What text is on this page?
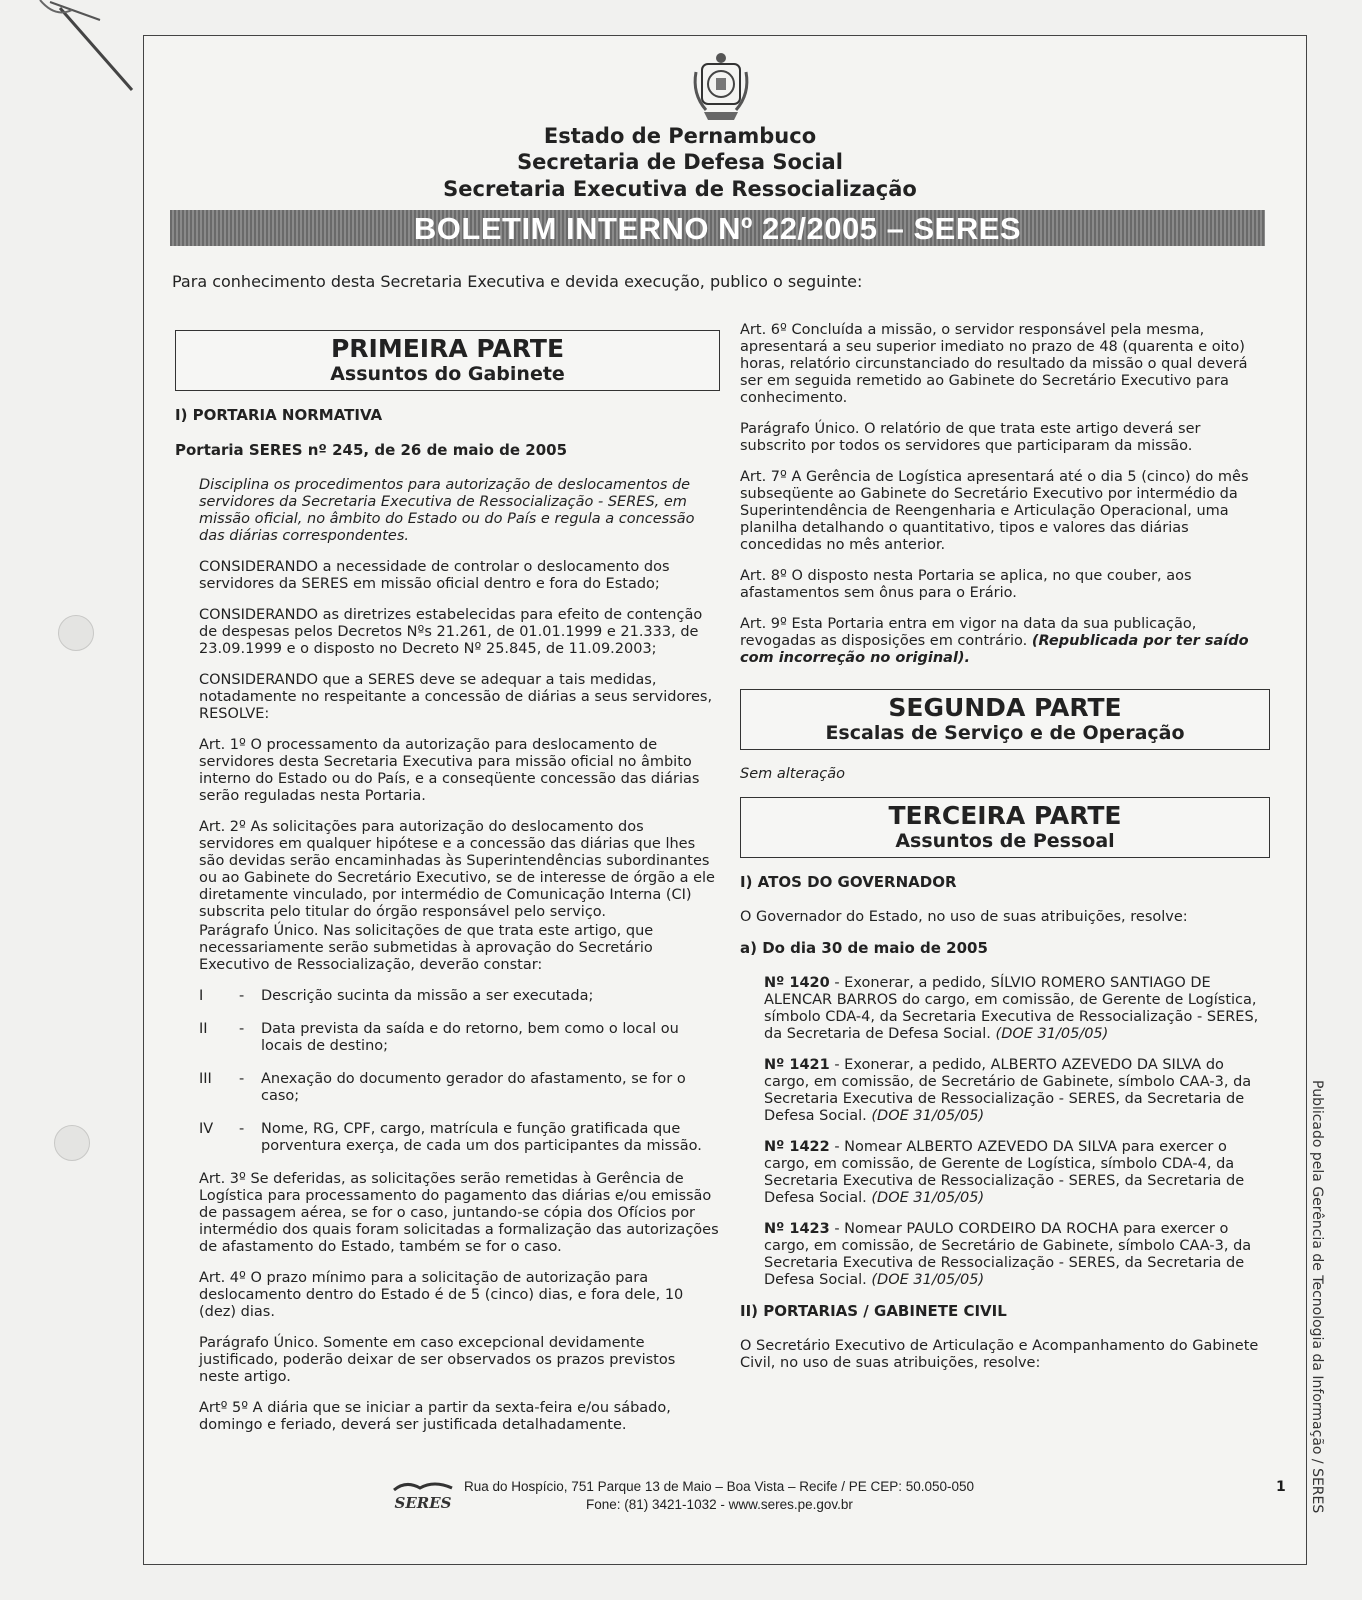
Estado de Pernambuco
Secretaria de Defesa Social
Secretaria Executiva de Ressocialização
BOLETIM INTERNO Nº 22/2005 – SERES
Para conhecimento desta Secretaria Executiva e devida execução, publico o seguinte:
PRIMEIRA PARTE
Assuntos do Gabinete
I) PORTARIA NORMATIVA
Portaria SERES nº 245, de 26 de maio de 2005

Disciplina os procedimentos para autorização de deslocamentos de servidores da Secretaria Executiva de Ressocialização - SERES, em missão oficial, no âmbito do Estado ou do País e regula a concessão das diárias correspondentes.

CONSIDERANDO a necessidade de controlar o deslocamento dos servidores da SERES em missão oficial dentro e fora do Estado;

CONSIDERANDO as diretrizes estabelecidas para efeito de contenção de despesas pelos Decretos Nºs 21.261, de 01.01.1999 e 21.333, de 23.09.1999 e o disposto no Decreto Nº 25.845, de 11.09.2003;

CONSIDERANDO que a SERES deve se adequar a tais medidas, notadamente no respeitante a concessão de diárias a seus servidores, RESOLVE:

Art. 1º O processamento da autorização para deslocamento de servidores desta Secretaria Executiva para missão oficial no âmbito interno do Estado ou do País, e a conseqüente concessão das diárias serão reguladas nesta Portaria.

Art. 2º As solicitações para autorização do deslocamento dos servidores em qualquer hipótese e a concessão das diárias que lhes são devidas serão encaminhadas às Superintendências subordinantes ou ao Gabinete do Secretário Executivo, se de interesse de órgão a ele diretamente vinculado, por intermédio de Comunicação Interna (CI) subscrita pelo titular do órgão responsável pelo serviço.

Parágrafo Único. Nas solicitações de que trata este artigo, que necessariamente serão submetidas à aprovação do Secretário Executivo de Ressocialização, deverão constar:

I	-	Descrição sucinta da missão a ser executada;
II	-	Data prevista da saída e do retorno, bem como o local ou locais de destino;
III	-	Anexação do documento gerador do afastamento, se for o caso;
IV	-	Nome, RG, CPF, cargo, matrícula e função gratificada que porventura exerça, de cada um dos participantes da missão.

Art. 3º Se deferidas, as solicitações serão remetidas à Gerência de Logística para processamento do pagamento das diárias e/ou emissão de passagem aérea, se for o caso, juntando-se cópia dos Ofícios por intermédio dos quais foram solicitadas a formalização das autorizações de afastamento do Estado, também se for o caso.

Art. 4º O prazo mínimo para a solicitação de autorização para deslocamento dentro do Estado é de 5 (cinco) dias, e fora dele, 10 (dez) dias.

Parágrafo Único. Somente em caso excepcional devidamente justificado, poderão deixar de ser observados os prazos previstos neste artigo.

Artº 5º A diária que se iniciar a partir da sexta-feira e/ou sábado, domingo e feriado, deverá ser justificada detalhadamente.

Art. 6º Concluída a missão, o servidor responsável pela mesma, apresentará a seu superior imediato no prazo de 48 (quarenta e oito) horas, relatório circunstanciado do resultado da missão o qual deverá ser em seguida remetido ao Gabinete do Secretário Executivo para conhecimento.

Parágrafo Único. O relatório de que trata este artigo deverá ser subscrito por todos os servidores que participaram da missão.

Art. 7º A Gerência de Logística apresentará até o dia 5 (cinco) do mês subseqüente ao Gabinete do Secretário Executivo por intermédio da Superintendência de Reengenharia e Articulação Operacional, uma planilha detalhando o quantitativo, tipos e valores das diárias concedidas no mês anterior.

Art. 8º O disposto nesta Portaria se aplica, no que couber, aos afastamentos sem ônus para o Erário.

Art. 9º Esta Portaria entra em vigor na data da sua publicação, revogadas as disposições em contrário. (Republicada por ter saído com incorreção no original).

SEGUNDA PARTE
Escalas de Serviço e de Operação

Sem alteração

TERCEIRA PARTE
Assuntos de Pessoal
I) ATOS DO GOVERNADOR

O Governador do Estado, no uso de suas atribuições, resolve:

a) Do dia 30 de maio de 2005

Nº 1420 - Exonerar, a pedido, SÍLVIO ROMERO SANTIAGO DE ALENCAR BARROS do cargo, em comissão, de Gerente de Logística, símbolo CDA-4, da Secretaria Executiva de Ressocialização - SERES, da Secretaria de Defesa Social. (DOE 31/05/05)

Nº 1421 - Exonerar, a pedido, ALBERTO AZEVEDO DA SILVA do cargo, em comissão, de Secretário de Gabinete, símbolo CAA-3, da Secretaria Executiva de Ressocialização - SERES, da Secretaria de Defesa Social. (DOE 31/05/05)

Nº 1422 - Nomear ALBERTO AZEVEDO DA SILVA para exercer o cargo, em comissão, de Gerente de Logística, símbolo CDA-4, da Secretaria Executiva de Ressocialização - SERES, da Secretaria de Defesa Social. (DOE 31/05/05)

Nº 1423 - Nomear PAULO CORDEIRO DA ROCHA para exercer o cargo, em comissão, de Secretário de Gabinete, símbolo CAA-3, da Secretaria Executiva de Ressocialização - SERES, da Secretaria de Defesa Social. (DOE 31/05/05)

II) PORTARIAS / GABINETE CIVIL

O Secretário Executivo de Articulação e Acompanhamento do Gabinete Civil, no uso de suas atribuições, resolve:	Publicado pela Gerência de Tecnologia da Informação / SERES
SERES
Rua do Hospício, 751 Parque 13 de Maio – Boa Vista – Recife / PE CEP: 50.050-050
Fone: (81) 3421-1032 - www.seres.pe.gov.br
1
